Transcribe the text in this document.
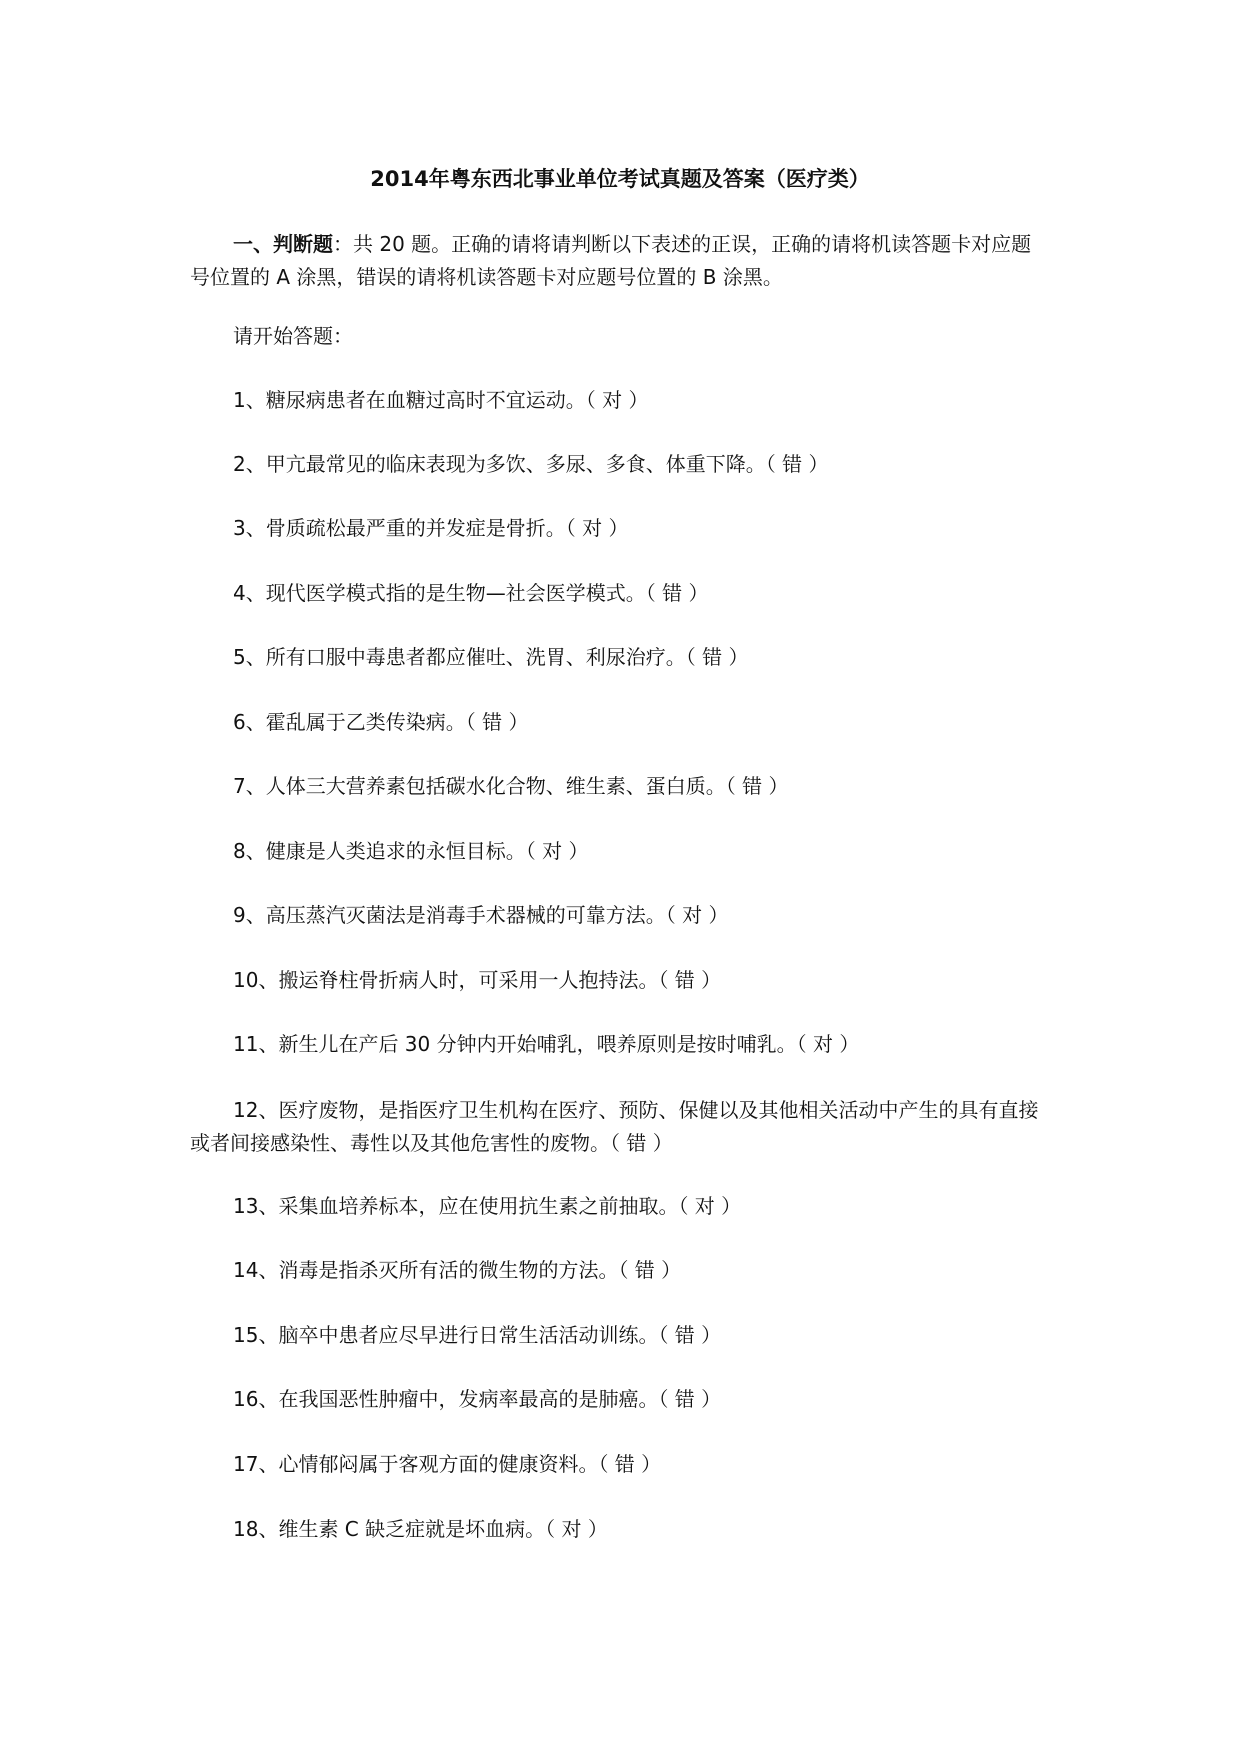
2014年粤东西北事业单位考试真题及答案（医疗类）
一、判断题：共 20 题。正确的请将请判断以下表述的正误，正确的请将机读答题卡对应题号位置的 A 涂黑，错误的请将机读答题卡对应题号位置的 B 涂黑。
请开始答题：
1、糖尿病患者在血糖过高时不宜运动。（ 对 ）
2、甲亢最常见的临床表现为多饮、多尿、多食、体重下降。（ 错 ）
3、骨质疏松最严重的并发症是骨折。（ 对 ）
4、现代医学模式指的是生物—社会医学模式。（ 错 ）
5、所有口服中毒患者都应催吐、洗胃、利尿治疗。（ 错 ）
6、霍乱属于乙类传染病。（ 错 ）
7、人体三大营养素包括碳水化合物、维生素、蛋白质。（ 错 ）
8、健康是人类追求的永恒目标。（ 对 ）
9、高压蒸汽灭菌法是消毒手术器械的可靠方法。（ 对 ）
10、搬运脊柱骨折病人时，可采用一人抱持法。（ 错 ）
11、新生儿在产后 30 分钟内开始哺乳，喂养原则是按时哺乳。（ 对 ）
12、医疗废物，是指医疗卫生机构在医疗、预防、保健以及其他相关活动中产生的具有直接或者间接感染性、毒性以及其他危害性的废物。（ 错 ）
13、采集血培养标本，应在使用抗生素之前抽取。（ 对 ）
14、消毒是指杀灭所有活的微生物的方法。（ 错 ）
15、脑卒中患者应尽早进行日常生活活动训练。（ 错 ）
16、在我国恶性肿瘤中，发病率最高的是肺癌。（ 错 ）
17、心情郁闷属于客观方面的健康资料。（ 错 ）
18、维生素 C 缺乏症就是坏血病。（ 对 ）
